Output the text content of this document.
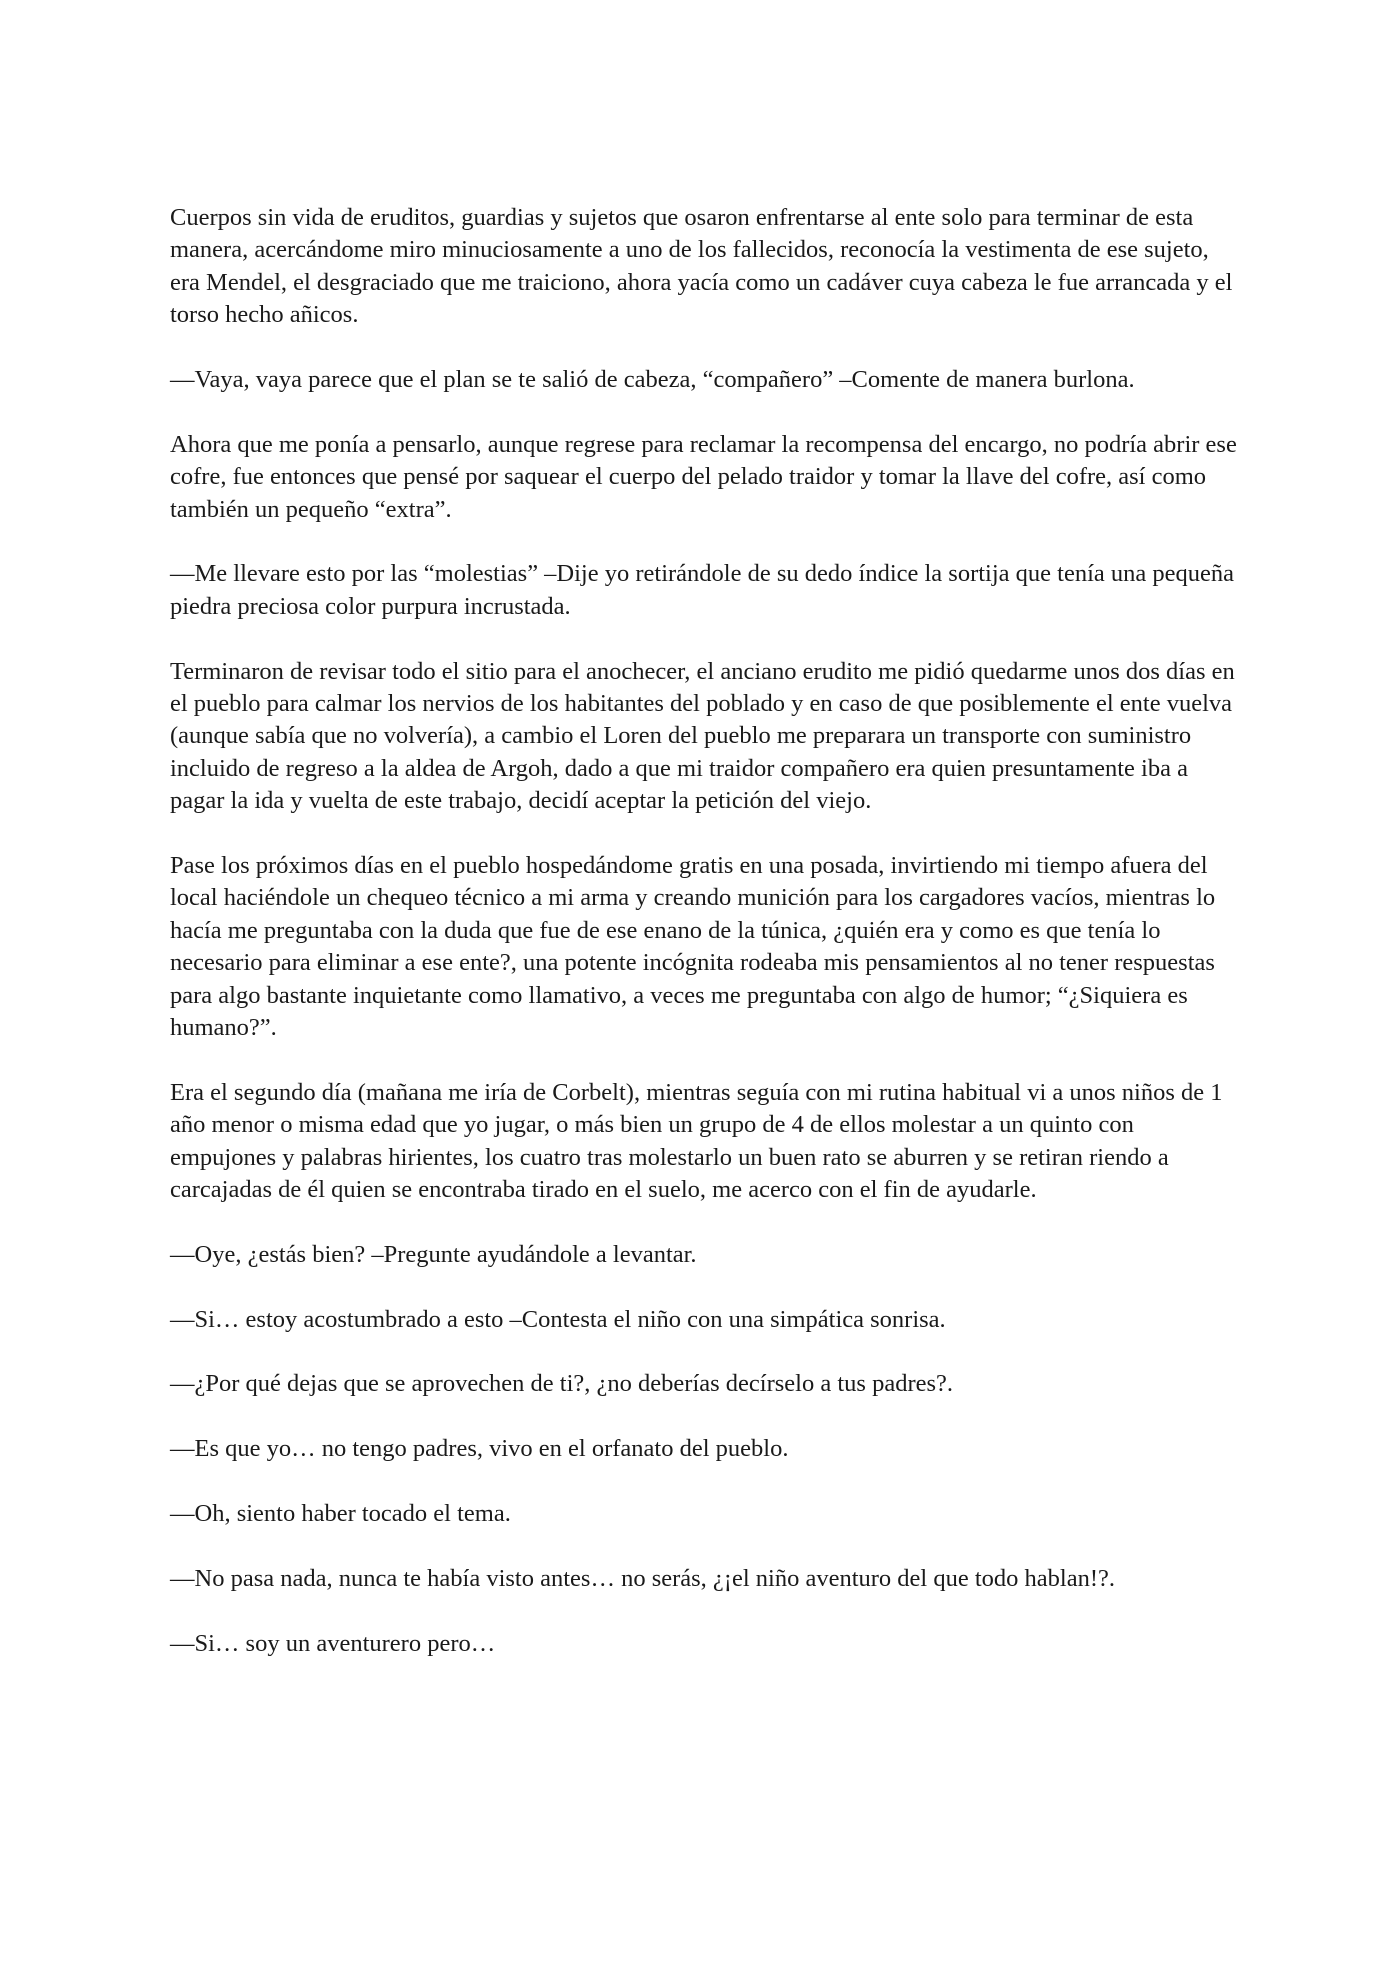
Cuerpos sin vida de eruditos, guardias y sujetos que osaron enfrentarse al ente solo para terminar de esta manera, acercándome miro minuciosamente a uno de los fallecidos, reconocía la vestimenta de ese sujeto, era Mendel, el desgraciado que me traiciono, ahora yacía como un cadáver cuya cabeza le fue arrancada y el torso hecho añicos.

—Vaya, vaya parece que el plan se te salió de cabeza, “compañero” –Comente de manera burlona.

Ahora que me ponía a pensarlo, aunque regrese para reclamar la recompensa del encargo, no podría abrir ese cofre, fue entonces que pensé por saquear el cuerpo del pelado traidor y tomar la llave del cofre, así como también un pequeño “extra”.

—Me llevare esto por las “molestias” –Dije yo retirándole de su dedo índice la sortija que tenía una pequeña piedra preciosa color purpura incrustada.

Terminaron de revisar todo el sitio para el anochecer, el anciano erudito me pidió quedarme unos dos días en el pueblo para calmar los nervios de los habitantes del poblado y en caso de que posiblemente el ente vuelva (aunque sabía que no volvería), a cambio el Loren del pueblo me preparara un transporte con suministro incluido de regreso a la aldea de Argoh, dado a que mi traidor compañero era quien presuntamente iba a pagar la ida y vuelta de este trabajo, decidí aceptar la petición del viejo.

Pase los próximos días en el pueblo hospedándome gratis en una posada, invirtiendo mi tiempo afuera del local haciéndole un chequeo técnico a mi arma y creando munición para los cargadores vacíos, mientras lo hacía me preguntaba con la duda que fue de ese enano de la túnica, ¿quién era y como es que tenía lo necesario para eliminar a ese ente?, una potente incógnita rodeaba mis pensamientos al no tener respuestas para algo bastante inquietante como llamativo, a veces me preguntaba con algo de humor; “¿Siquiera es humano?”.

Era el segundo día (mañana me iría de Corbelt), mientras seguía con mi rutina habitual vi a unos niños de 1 año menor o misma edad que yo jugar, o más bien un grupo de 4 de ellos molestar a un quinto con empujones y palabras hirientes, los cuatro tras molestarlo un buen rato se aburren y se retiran riendo a carcajadas de él quien se encontraba tirado en el suelo, me acerco con el fin de ayudarle.

—Oye, ¿estás bien? –Pregunte ayudándole a levantar.

—Si… estoy acostumbrado a esto –Contesta el niño con una simpática sonrisa.

—¿Por qué dejas que se aprovechen de ti?, ¿no deberías decírselo a tus padres?.

—Es que yo… no tengo padres, vivo en el orfanato del pueblo.

—Oh, siento haber tocado el tema.

—No pasa nada, nunca te había visto antes… no serás, ¿¡el niño aventuro del que todo hablan!?.

—Si… soy un aventurero pero…
